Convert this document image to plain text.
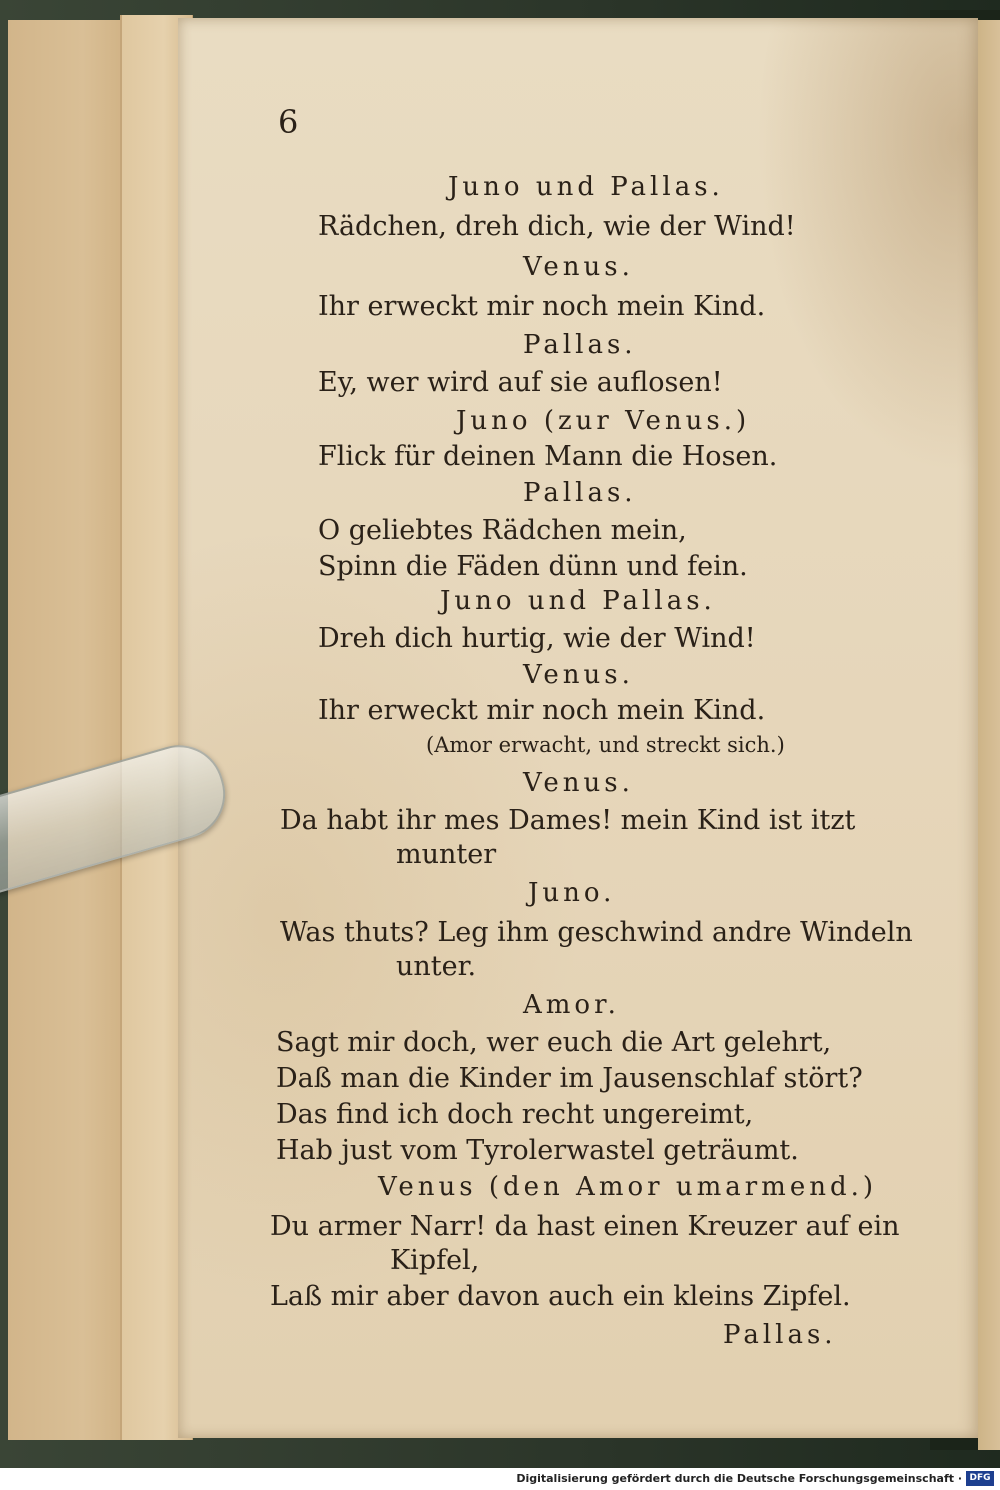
6

Juno und Pallas.

Rädchen, dreh dich, wie der Wind!

Venus.

Ihr erweckt mir noch mein Kind.

Pallas.

Ey, wer wird auf sie auflosen!

Juno (zur Venus.)

Flick für deinen Mann die Hosen.

Pallas.

O geliebtes Rädchen mein,

Spinn die Fäden dünn und fein.

Juno und Pallas.

Dreh dich hurtig, wie der Wind!

Venus.

Ihr erweckt mir noch mein Kind.

(Amor erwacht, und streckt sich.)

Venus.

Da habt ihr mes Dames! mein Kind ist itzt

munter

Juno.

Was thuts? Leg ihm geschwind andre Windeln

unter.

Amor.

Sagt mir doch, wer euch die Art gelehrt,

Daß man die Kinder im Jausenschlaf stört?

Das find ich doch recht ungereimt,

Hab just vom Tyrolerwastel geträumt.

Venus (den Amor umarmend.)

Du armer Narr! da hast einen Kreuzer auf ein

Kipfel,

Laß mir aber davon auch ein kleins Zipfel.

Pallas.

Digitalisierung gefördert durch die Deutsche Forschungsgemeinschaft · DFG
